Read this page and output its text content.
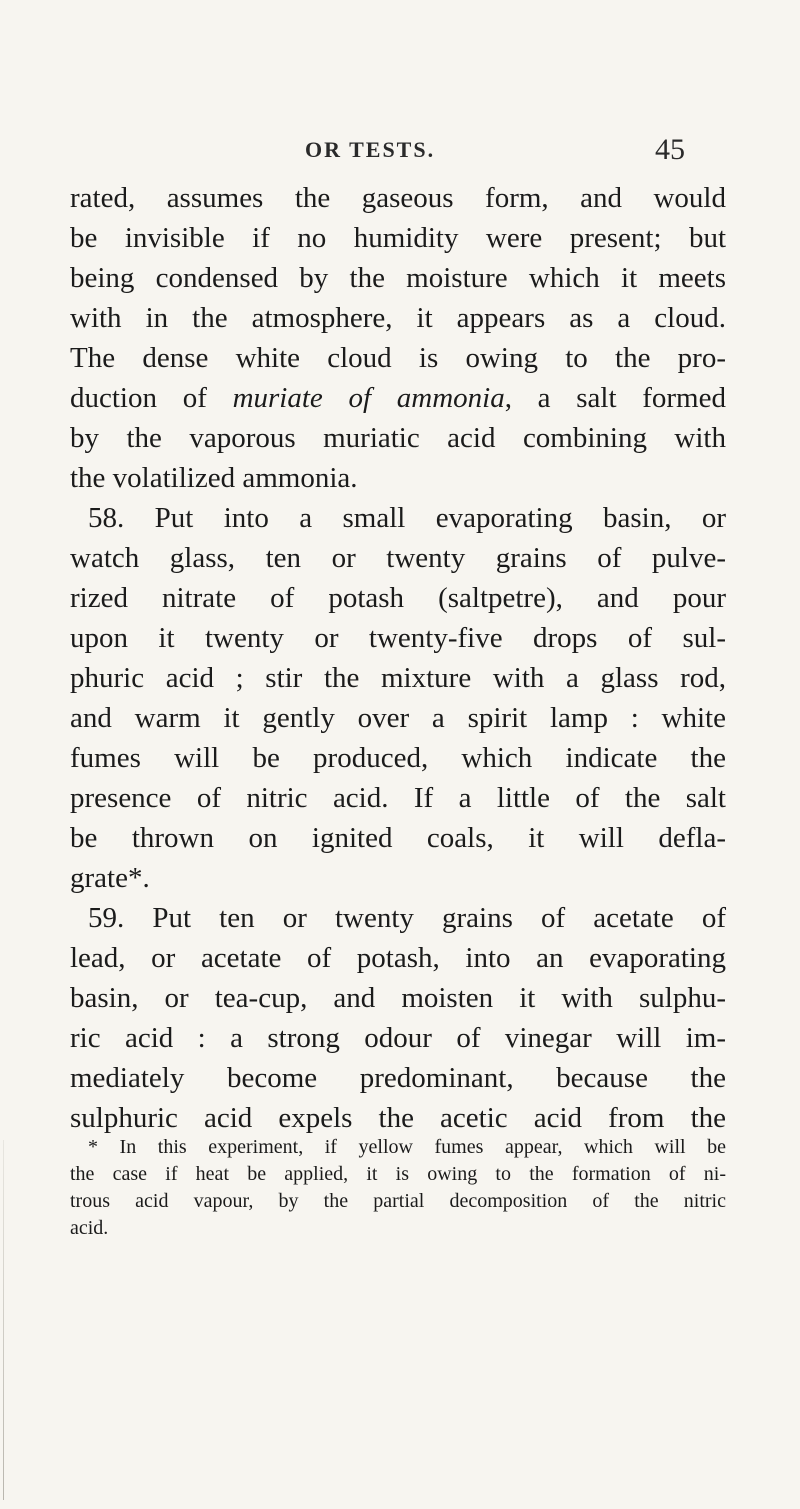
OR TESTS.	45
rated, assumes the gaseous form, and would
be invisible if no humidity were present; but
being condensed by the moisture which it meets
with in the atmosphere, it appears as a cloud.
The dense white cloud is owing to the pro-
duction of muriate of ammonia, a salt formed
by the vaporous muriatic acid combining with
the volatilized ammonia.
58. Put into a small evaporating basin, or
watch glass, ten or twenty grains of pulve-
rized nitrate of potash (saltpetre), and pour
upon it twenty or twenty-five drops of sul-
phuric acid ; stir the mixture with a glass rod,
and warm it gently over a spirit lamp : white
fumes will be produced, which indicate the
presence of nitric acid. If a little of the salt
be thrown on ignited coals, it will defla-
grate*.
59. Put ten or twenty grains of acetate of
lead, or acetate of potash, into an evaporating
basin, or tea-cup, and moisten it with sulphu-
ric acid : a strong odour of vinegar will im-
mediately become predominant, because the
sulphuric acid expels the acetic acid from the
* In this experiment, if yellow fumes appear, which will be
the case if heat be applied, it is owing to the formation of ni-
trous acid vapour, by the partial decomposition of the nitric
acid.
